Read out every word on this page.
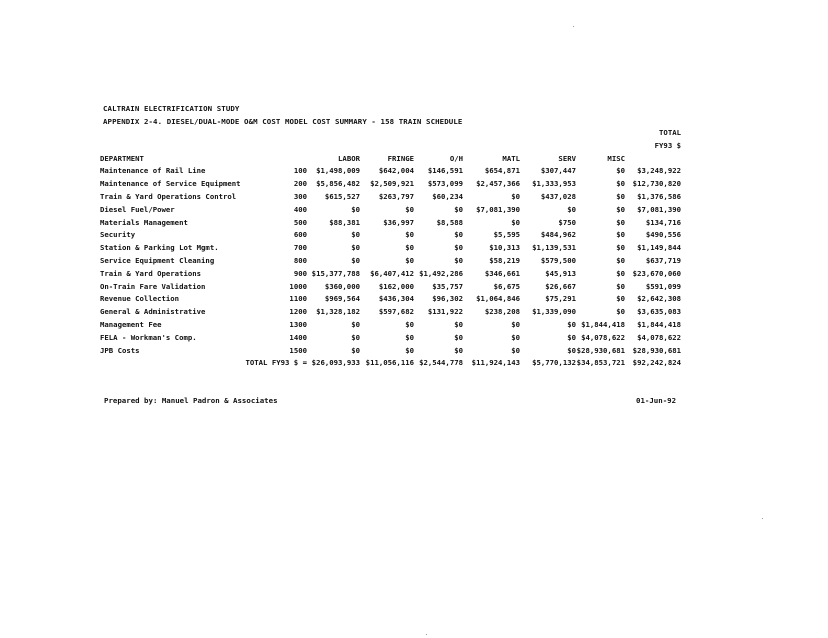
CALTRAIN ELECTRIFICATION STUDY
APPENDIX 2-4. DIESEL/DUAL-MODE O&M COST MODEL COST SUMMARY - 158 TRAIN SCHEDULE
								TOTAL
								FY93 $
DEPARTMENT		LABOR	FRINGE	O/H	MATL	SERV	MISC	
Maintenance of Rail Line	100	$1,498,009	$642,004	$146,591	$654,871	$307,447	$0	$3,248,922
Maintenance of Service Equipment	200	$5,856,482	$2,509,921	$573,099	$2,457,366	$1,333,953	$0	$12,730,820
Train & Yard Operations Control	300	$615,527	$263,797	$60,234	$0	$437,028	$0	$1,376,586
Diesel Fuel/Power	400	$0	$0	$0	$7,081,390	$0	$0	$7,081,390
Materials Management	500	$88,381	$36,997	$8,588	$0	$750	$0	$134,716
Security	600	$0	$0	$0	$5,595	$484,962	$0	$490,556
Station & Parking Lot Mgmt.	700	$0	$0	$0	$10,313	$1,139,531	$0	$1,149,844
Service Equipment Cleaning	800	$0	$0	$0	$58,219	$579,500	$0	$637,719
Train & Yard Operations	900	$15,377,788	$6,407,412	$1,492,286	$346,661	$45,913	$0	$23,670,060
On-Train Fare Validation	1000	$360,000	$162,000	$35,757	$6,675	$26,667	$0	$591,099
Revenue Collection	1100	$969,564	$436,304	$96,302	$1,064,846	$75,291	$0	$2,642,308
General & Administrative	1200	$1,328,182	$597,682	$131,922	$238,208	$1,339,090	$0	$3,635,083
Management Fee	1300	$0	$0	$0	$0	$0	$1,844,418	$1,844,418
FELA - Workman's Comp.	1400	$0	$0	$0	$0	$0	$4,078,622	$4,078,622
JPB Costs	1500	$0	$0	$0	$0	$0	$28,930,681	$28,930,681
TOTAL FY93 $ =		$26,093,933	$11,056,116	$2,544,778	$11,924,143	$5,770,132	$34,853,721	$92,242,824
Prepared by: Manuel Padron & Associates	01-Jun-92
